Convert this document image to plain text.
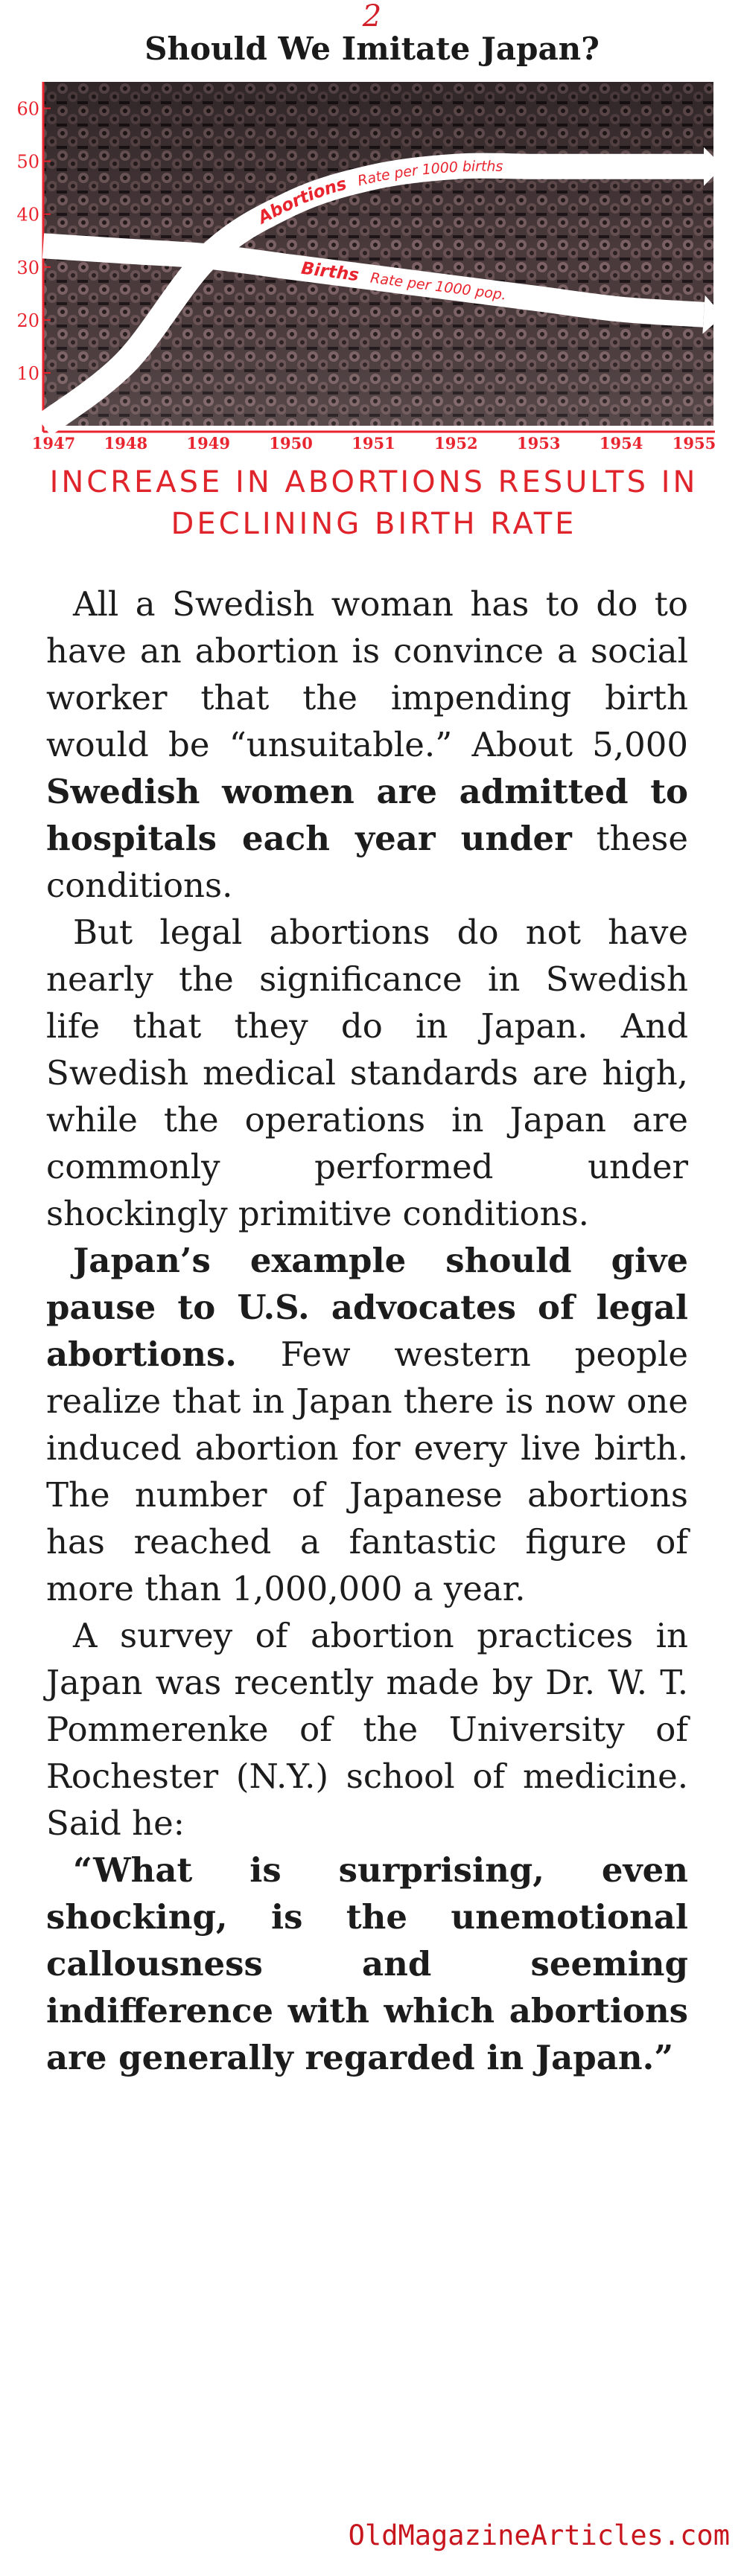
2
Should We Imitate Japan?
10
20
30
40
50
60
1947 1948 1949 1950 1951 1952 1953 1954 1955
Abortions Rate per 1000 births
Births Rate per 1000 pop.
INCREASE IN ABORTIONS RESULTS IN
DECLINING BIRTH RATE

All a Swedish woman has to do to have an abortion is convince a social worker that the impending birth would be “unsuitable.” About 5,000 Swedish women are admitted to hospitals each year under these conditions.

But legal abortions do not have nearly the significance in Swedish life that they do in Japan. And Swedish medical standards are high, while the operations in Japan are commonly performed under shockingly primitive conditions.

Japan’s example should give pause to U.S. advocates of legal abortions. Few western people realize that in Japan there is now one induced abortion for every live birth. The number of Japanese abortions has reached a fantastic figure of more than 1,000,000 a year.

A survey of abortion practices in Japan was recently made by Dr. W. T. Pommerenke of the University of Rochester (N.Y.) school of medicine. Said he:

“What is surprising, even shocking, is the unemotional callousness and seeming indifference with which abortions are generally regarded in Japan.”

OldMagazineArticles.com
